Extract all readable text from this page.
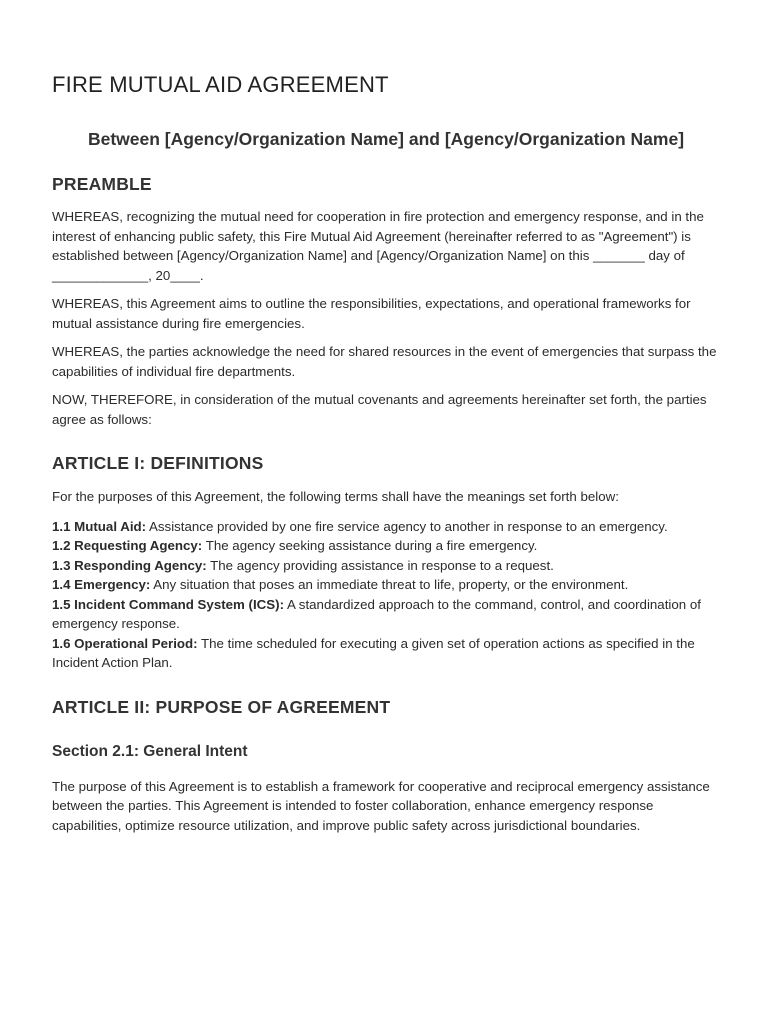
FIRE MUTUAL AID AGREEMENT
Between [Agency/Organization Name] and [Agency/Organization Name]
PREAMBLE

WHEREAS, recognizing the mutual need for cooperation in fire protection and emergency response, and in the interest of enhancing public safety, this Fire Mutual Aid Agreement (hereinafter referred to as "Agreement") is established between [Agency/Organization Name] and [Agency/Organization Name] on this _______ day of _____________, 20____.

WHEREAS, this Agreement aims to outline the responsibilities, expectations, and operational frameworks for mutual assistance during fire emergencies.

WHEREAS, the parties acknowledge the need for shared resources in the event of emergencies that surpass the capabilities of individual fire departments.

NOW, THEREFORE, in consideration of the mutual covenants and agreements hereinafter set forth, the parties agree as follows:

ARTICLE I: DEFINITIONS

For the purposes of this Agreement, the following terms shall have the meanings set forth below:

1.1 Mutual Aid: Assistance provided by one fire service agency to another in response to an emergency.

1.2 Requesting Agency: The agency seeking assistance during a fire emergency.

1.3 Responding Agency: The agency providing assistance in response to a request.

1.4 Emergency: Any situation that poses an immediate threat to life, property, or the environment.

1.5 Incident Command System (ICS): A standardized approach to the command, control, and coordination of emergency response.

1.6 Operational Period: The time scheduled for executing a given set of operation actions as specified in the Incident Action Plan.

ARTICLE II: PURPOSE OF AGREEMENT
Section 2.1: General Intent

The purpose of this Agreement is to establish a framework for cooperative and reciprocal emergency assistance between the parties. This Agreement is intended to foster collaboration, enhance emergency response capabilities, optimize resource utilization, and improve public safety across jurisdictional boundaries.
